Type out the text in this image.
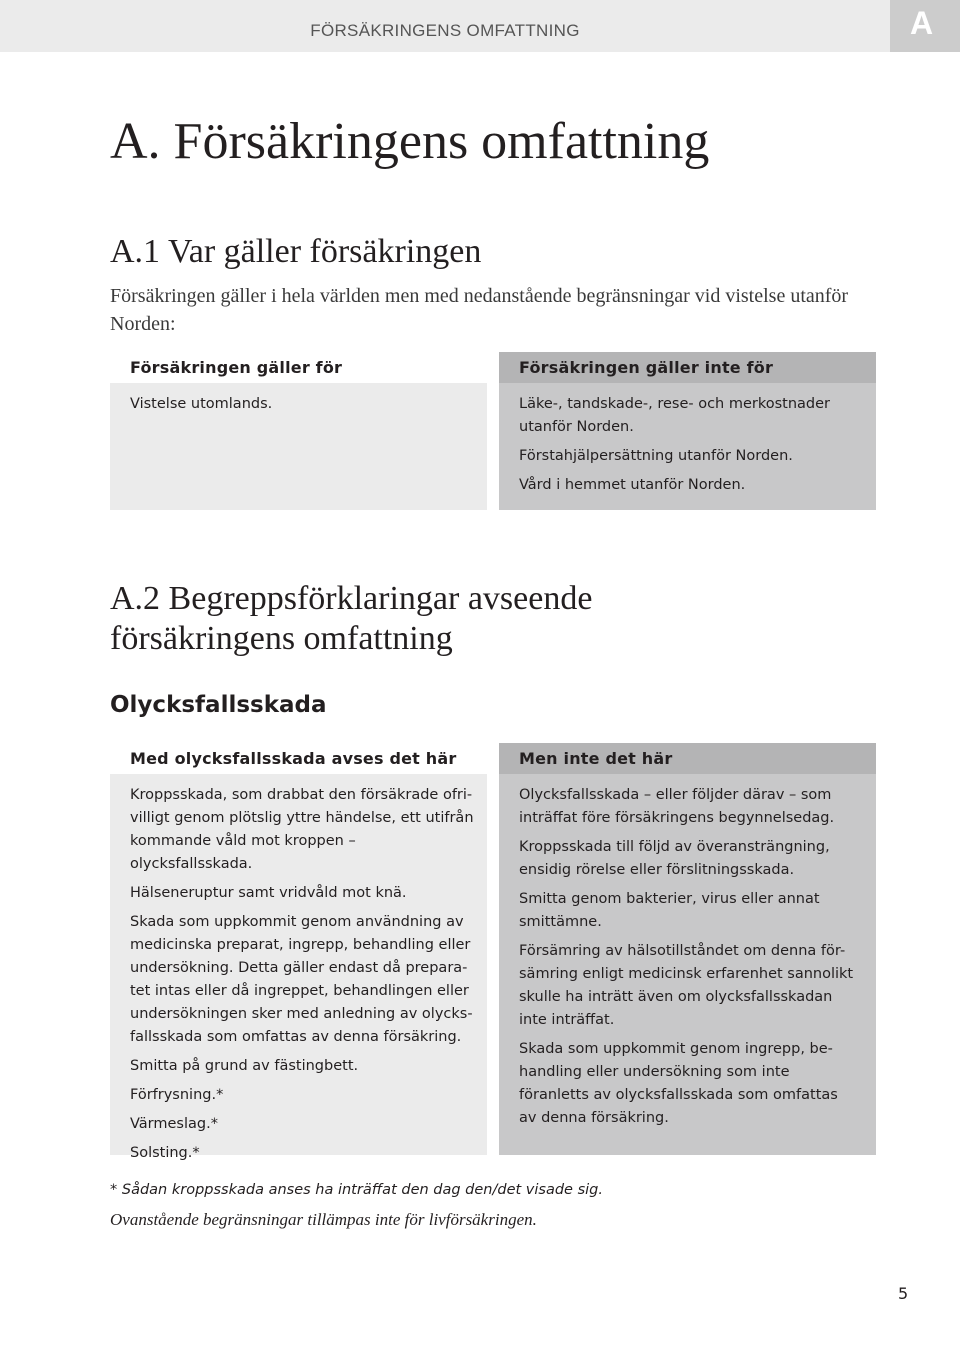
FÖRSÄKRINGENS OMFATTNING	A
A. Försäkringens omfattning
A.1 Var gäller försäkringen

Försäkringen gäller i hela världen men med nedanstående begränsningar vid vistelse utanför Norden:

Försäkringen gäller för

Vistelse utomlands.

Försäkringen gäller inte för

Läke-, tandskade-, rese- och merkostnader
utanför Norden.

Förstahjälpersättning utanför Norden.

Vård i hemmet utanför Norden.

A.2 Begreppsförklaringar avseende
försäkringens omfattning
Olycksfallsskada
Med olycksfallsskada avses det här

Kroppsskada, som drabbat den försäkrade ofri-
villigt genom plötslig yttre händelse, ett utifrån
kommande våld mot kroppen – olycksfallsskada.

Hälseneruptur samt vridvåld mot knä.

Skada som uppkommit genom användning av
medicinska preparat, ingrepp, behandling eller
undersökning. Detta gäller endast då prepara-
tet intas eller då ingreppet, behandlingen eller
undersökningen sker med anledning av olycks-
fallsskada som omfattas av denna försäkring.

Smitta på grund av fästingbett.

Förfrysning.*

Värmeslag.*

Solsting.*

Men inte det här

Olycksfallsskada – eller följder därav – som
inträffat före försäkringens begynnelsedag.

Kroppsskada till följd av överansträngning,
ensidig rörelse eller förslitningsskada.

Smitta genom bakterier, virus eller annat
smittämne.

Försämring av hälsotillståndet om denna för-
sämring enligt medicinsk erfarenhet sannolikt
skulle ha inträtt även om olycksfallsskadan
inte inträffat.

Skada som uppkommit genom ingrepp, be-
handling eller undersökning som inte
föranletts av olycksfallsskada som omfattas
av denna försäkring.

* Sådan kroppsskada anses ha inträffat den dag den/det visade sig.

Ovanstående begränsningar tillämpas inte för livförsäkringen.

5
